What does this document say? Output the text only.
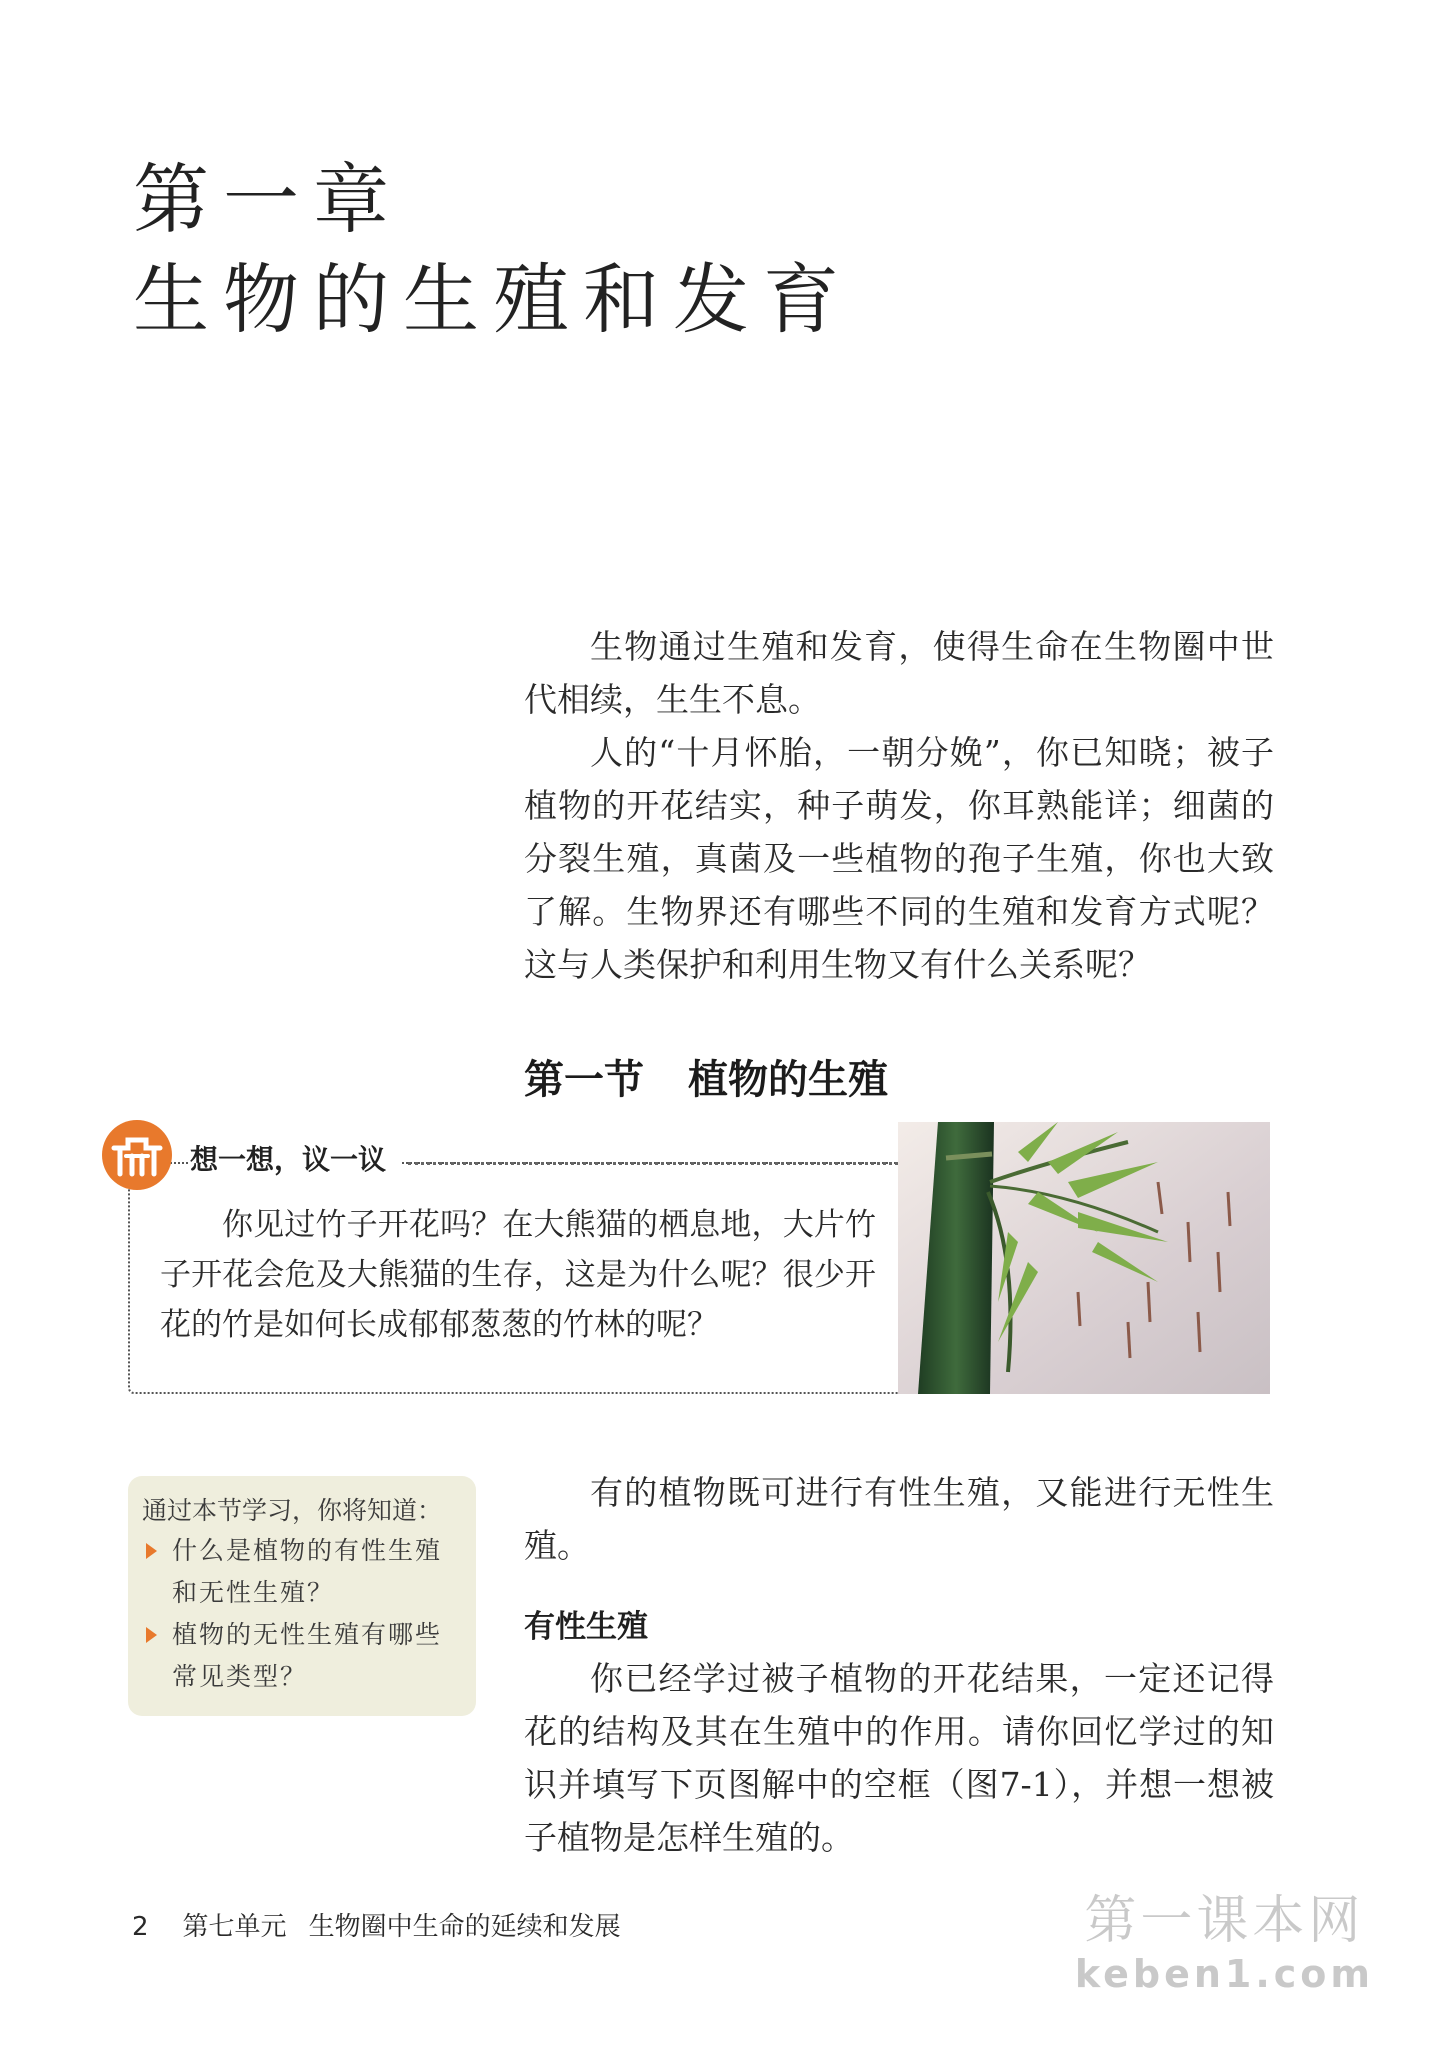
第一章
生物的生殖和发育

生物通过生殖和发育，使得生命在生物圈中世代相续，生生不息。

人的“十月怀胎，一朝分娩”，你已知晓；被子植物的开花结实，种子萌发，你耳熟能详；细菌的分裂生殖，真菌及一些植物的孢子生殖，你也大致了解。生物界还有哪些不同的生殖和发育方式呢？这与人类保护和利用生物又有什么关系呢？

第一节 植物的生殖
想一想，议一议

你见过竹子开花吗？在大熊猫的栖息地，大片竹子开花会危及大熊猫的生存，这是为什么呢？很少开花的竹是如何长成郁郁葱葱的竹林的呢？

通过本节学习，你将知道：
什么是植物的有性生殖和无性生殖？
植物的无性生殖有哪些常见类型？

有的植物既可进行有性生殖，又能进行无性生殖。

有性生殖

你已经学过被子植物的开花结果，一定还记得花的结构及其在生殖中的作用。请你回忆学过的知识并填写下页图解中的空框（图7-1），并想一想被子植物是怎样生殖的。

2 第七单元 生物圈中生命的延续和发展	第一课本网
keben1.com
